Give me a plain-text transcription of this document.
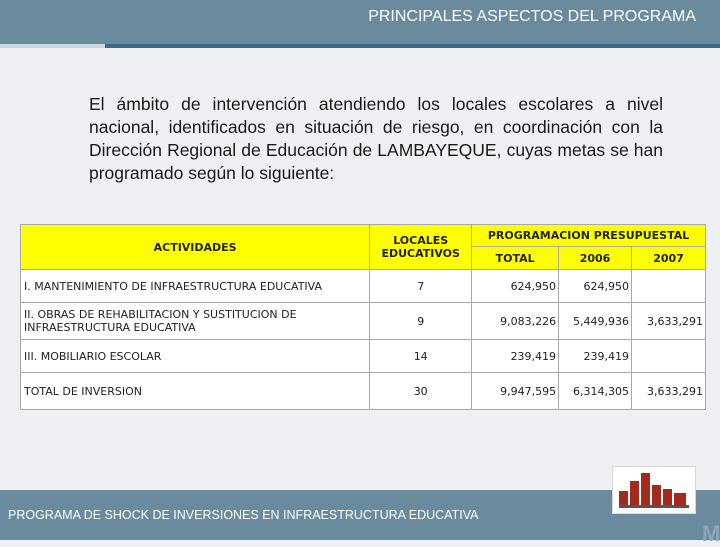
PRINCIPALES ASPECTOS DEL PROGRAMA
El ámbito de intervención atendiendo los locales escolares a nivel nacional, identificados en situación de riesgo, en coordinación con la Dirección Regional de Educación de LAMBAYEQUE, cuyas metas se han programado según lo siguiente:
ACTIVIDADES	LOCALES EDUCATIVOS	PROGRAMACION PRESUPUESTAL		
		TOTAL	2006	2007
I. MANTENIMIENTO DE INFRAESTRUCTURA EDUCATIVA	7	624,950	624,950	
II. OBRAS DE REHABILITACION Y SUSTITUCION DE INFRAESTRUCTURA EDUCATIVA	9	9,083,226	5,449,936	3,633,291
III. MOBILIARIO ESCOLAR	14	239,419	239,419	
TOTAL DE INVERSION	30	9,947,595	6,314,305	3,633,291
PROGRAMA DE SHOCK DE INVERSIONES EN INFRAESTRUCTURA EDUCATIVA
M
